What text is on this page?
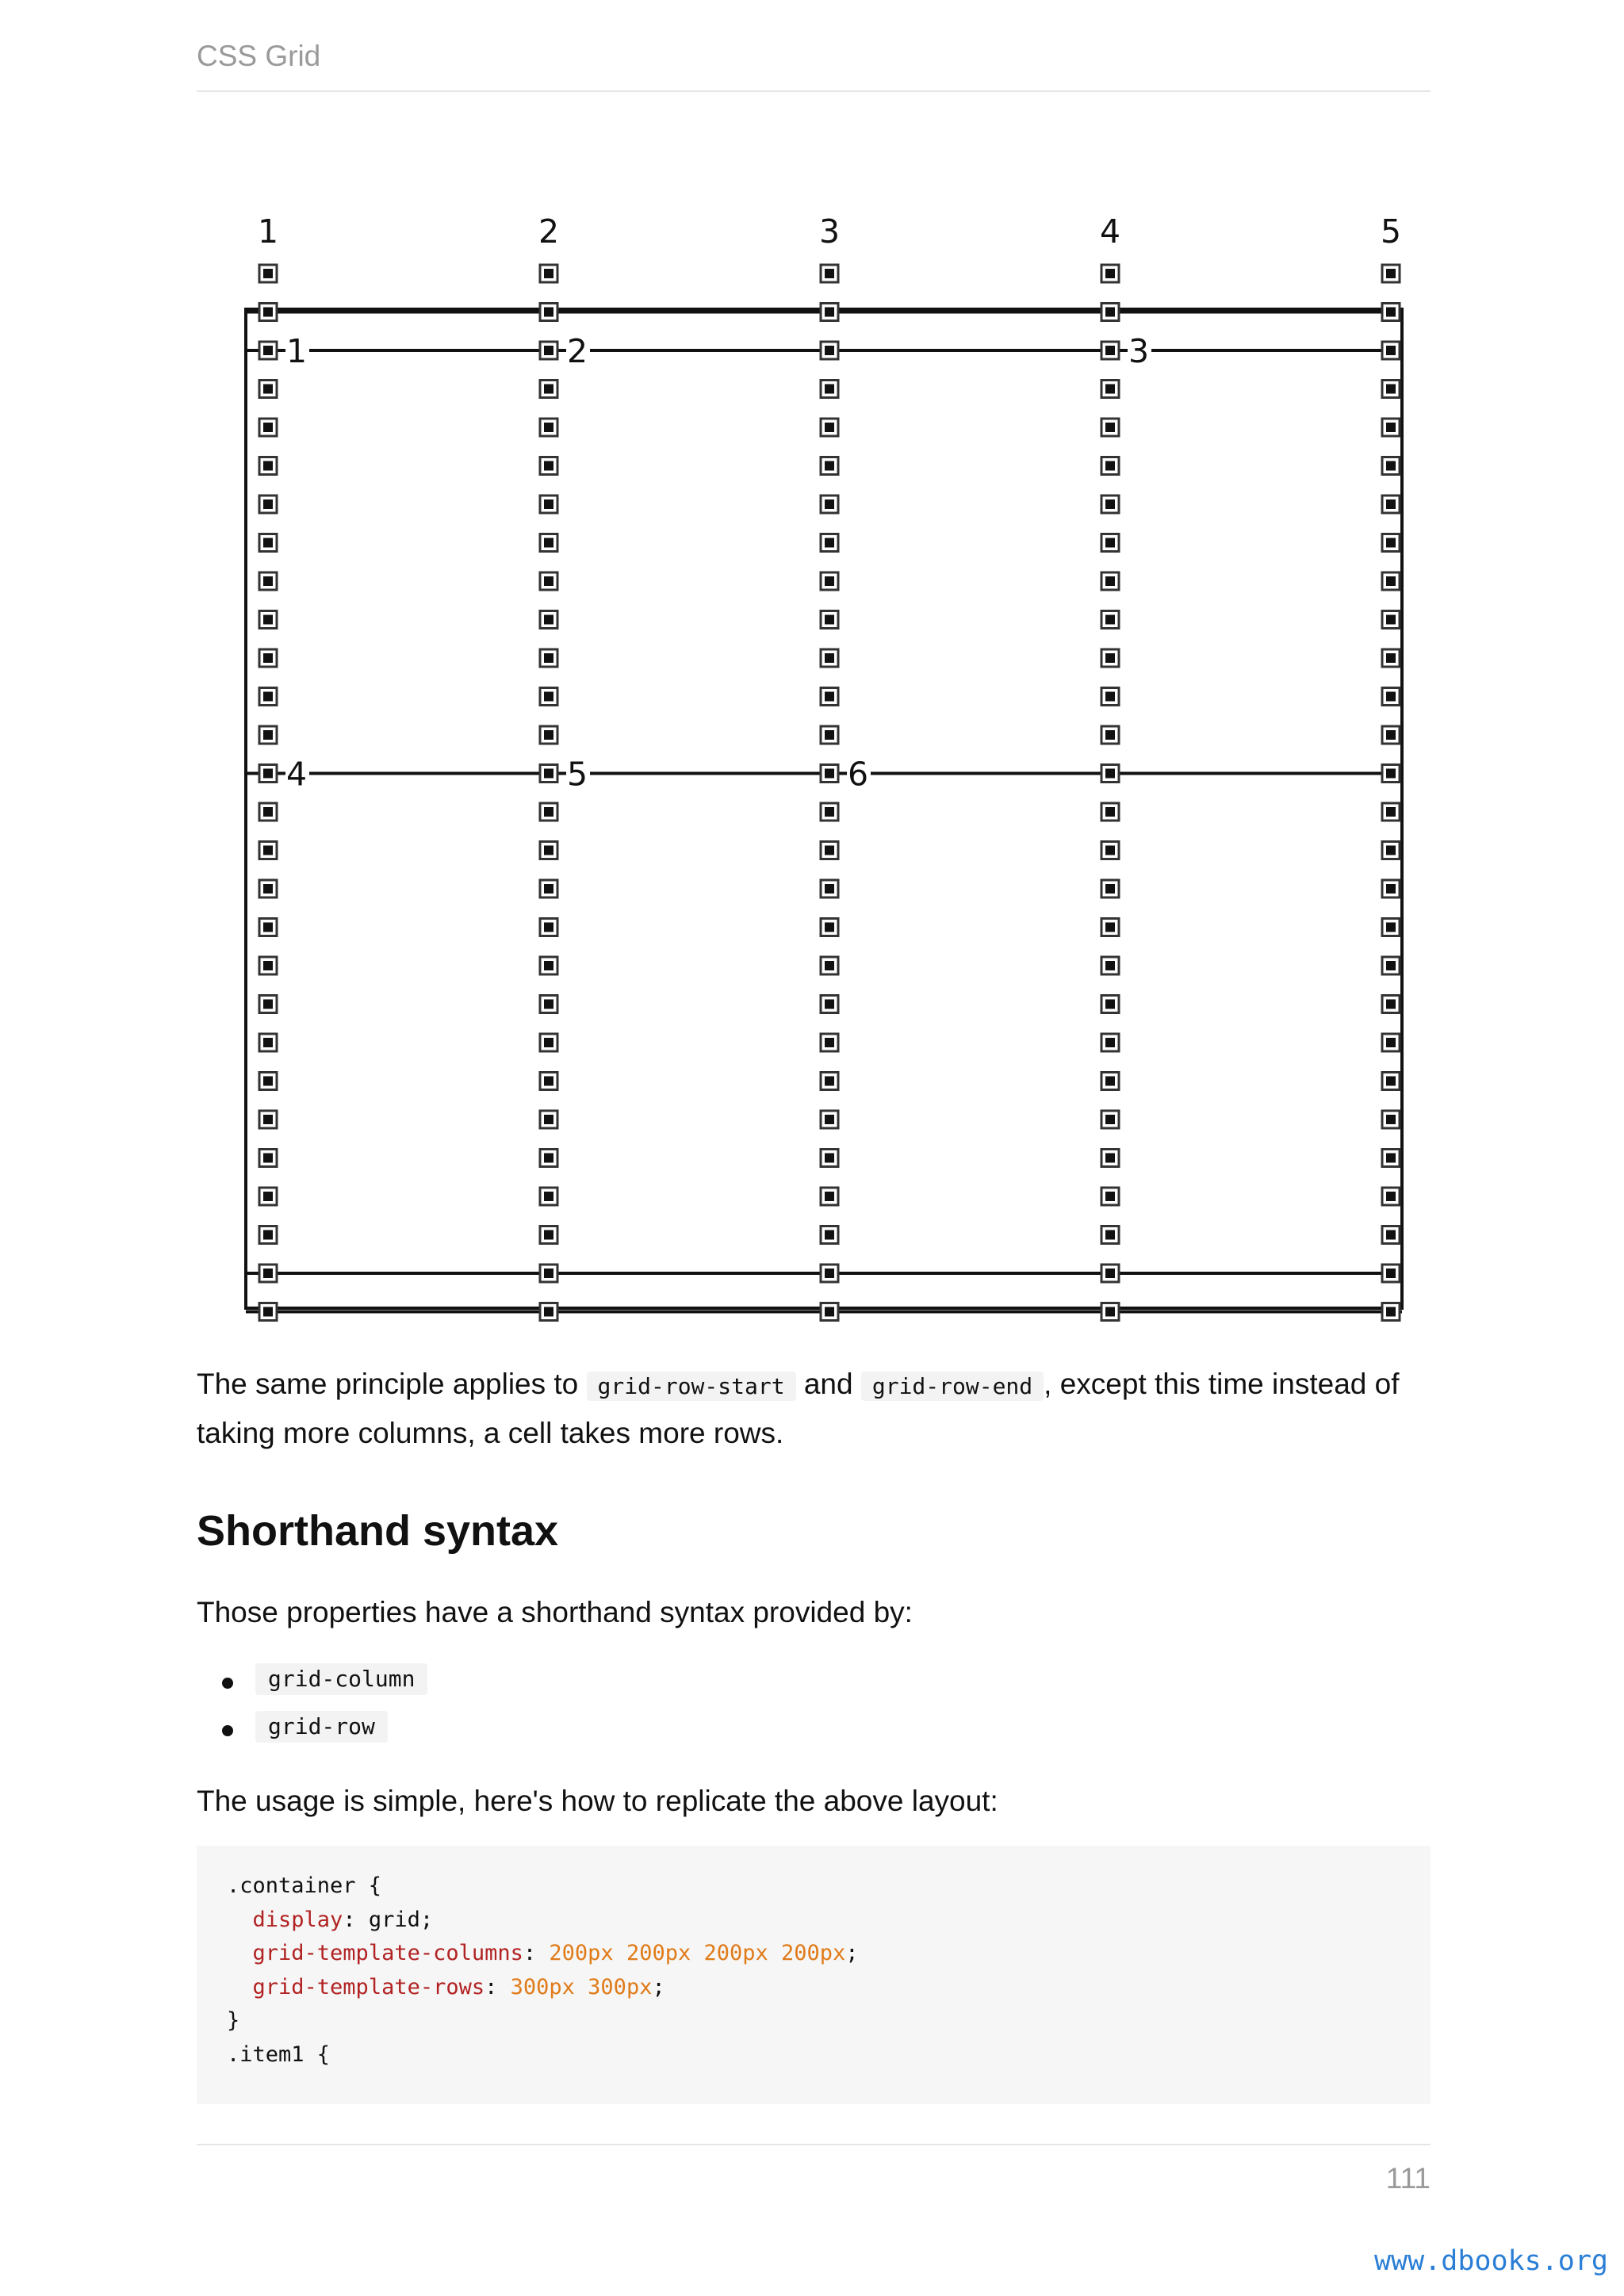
CSS Grid
1	2	3	4	5
1	2	3
4	5	6
The same principle applies to grid-row-start and grid-row-end , except this time instead of taking more columns, a cell takes more rows.
Shorthand syntax
Those properties have a shorthand syntax provided by:
grid-column
grid-row
The usage is simple, here's how to replicate the above layout:
.container {
display: grid;
grid-template-columns: 200px 200px 200px 200px;
grid-template-rows: 300px 300px;
}
.item1 {
111
www.dbooks.org
